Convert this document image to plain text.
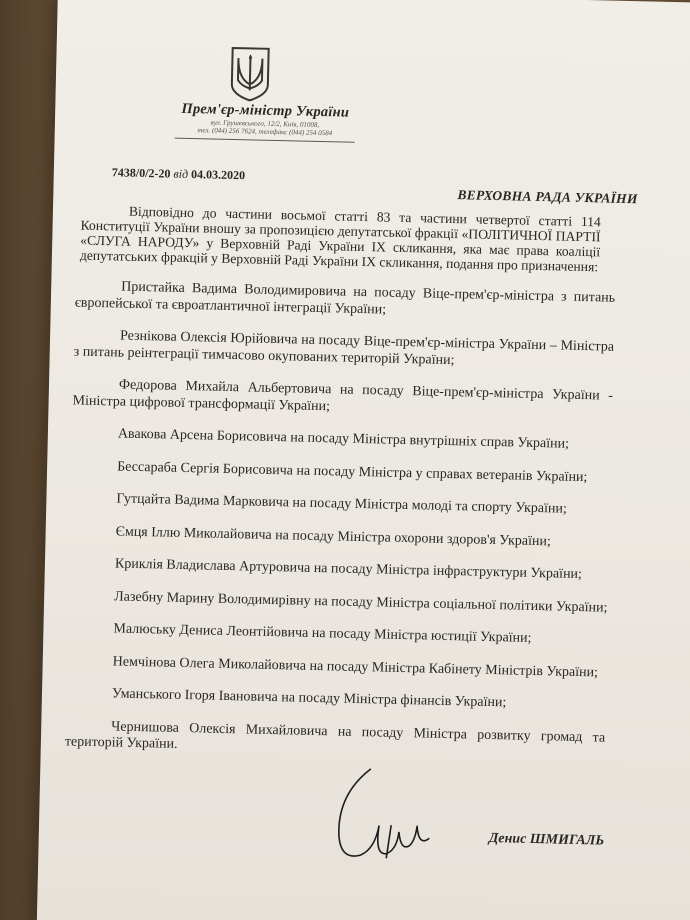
Прем'єр-міністр України
вул. Грушевського, 12/2, Київ, 01008,
тел. (044) 256 7624, телефакс (044) 254 0584
7438/0/2-20 від 04.03.2020
ВЕРХОВНА РАДА УКРАЇНИ

Відповідно до частини восьмої статті 83 та частини четвертої статті 114 Конституції України вношу за пропозицією депутатської фракції «ПОЛІТИЧНОЇ ПАРТІЇ «СЛУГА НАРОДУ» у Верховній Раді України IX скликання, яка має права коаліції депутатських фракцій у Верховній Раді України IX скликання, подання про призначення:

Пристайка Вадима Володимировича на посаду Віце-прем'єр-міністра з питань європейської та євроатлантичної інтеграції України;
Резнікова Олексія Юрійовича на посаду Віце-прем'єр-міністра України – Міністра з питань реінтеграції тимчасово окупованих територій України;
Федорова Михайла Альбертовича на посаду Віце-прем'єр-міністра України - Міністра цифрової трансформації України;
Авакова Арсена Борисовича на посаду Міністра внутрішніх справ України;
Бессараба Сергія Борисовича на посаду Міністра у справах ветеранів України;
Гутцайта Вадима Марковича на посаду Міністра молоді та спорту України;
Ємця Іллю Миколайовича на посаду Міністра охорони здоров'я України;
Криклія Владислава Артуровича на посаду Міністра інфраструктури України;
Лазебну Марину Володимирівну на посаду Міністра соціальної політики України;
Малюську Дениса Леонтійовича на посаду Міністра юстиції України;
Немчінова Олега Миколайовича на посаду Міністра Кабінету Міністрів України;
Уманського Ігоря Івановича на посаду Міністра фінансів України;
Чернишова Олексія Михайловича на посаду Міністра розвитку громад та територій України.
Денис ШМИГАЛЬ
